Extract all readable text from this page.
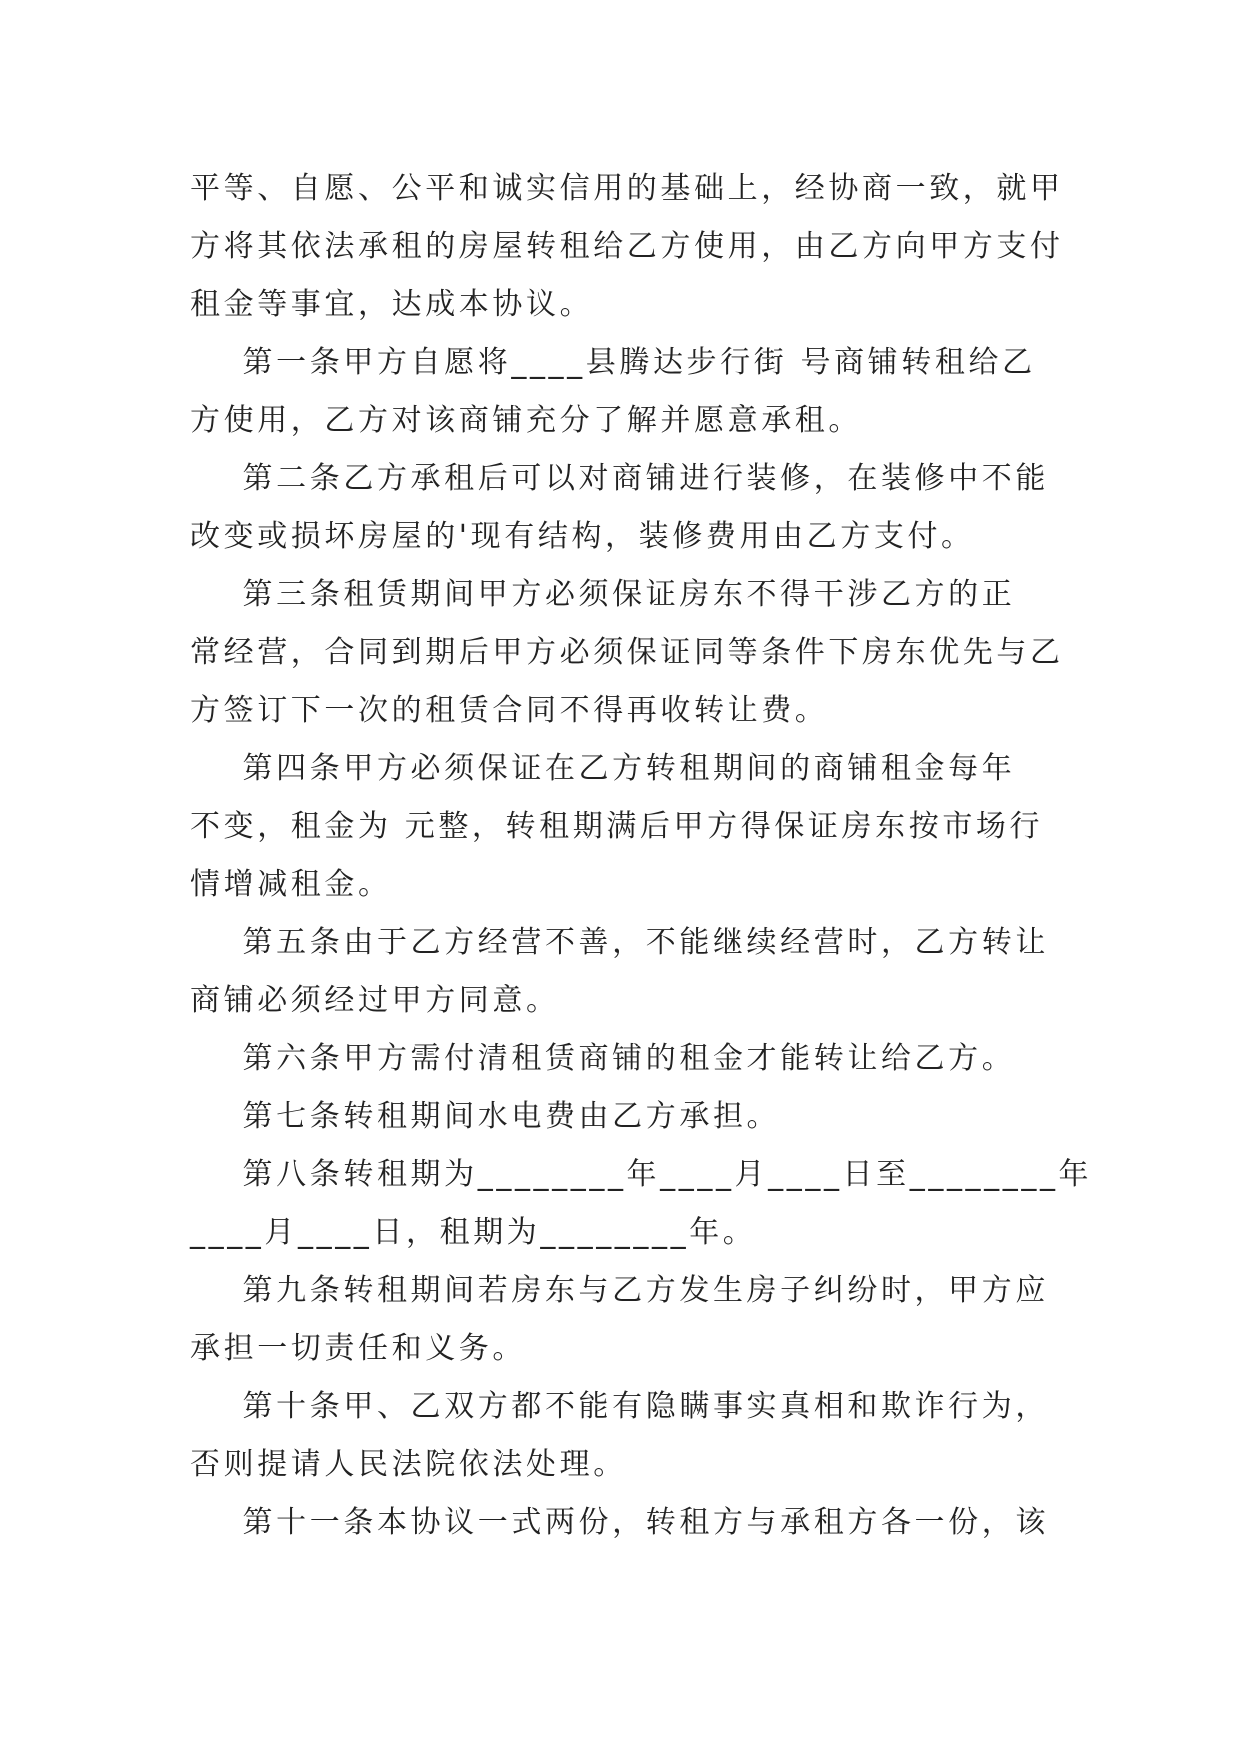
平等、自愿、公平和诚实信用的基础上，经协商一致，就甲
方将其依法承租的房屋转租给乙方使用，由乙方向甲方支付
租金等事宜，达成本协议。
第一条甲方自愿将____县腾达步行街 号商铺转租给乙
方使用，乙方对该商铺充分了解并愿意承租。
第二条乙方承租后可以对商铺进行装修，在装修中不能
改变或损坏房屋的'现有结构，装修费用由乙方支付。
第三条租赁期间甲方必须保证房东不得干涉乙方的正
常经营，合同到期后甲方必须保证同等条件下房东优先与乙
方签订下一次的租赁合同不得再收转让费。
第四条甲方必须保证在乙方转租期间的商铺租金每年
不变，租金为 元整，转租期满后甲方得保证房东按市场行
情增减租金。
第五条由于乙方经营不善，不能继续经营时，乙方转让
商铺必须经过甲方同意。
第六条甲方需付清租赁商铺的租金才能转让给乙方。
第七条转租期间水电费由乙方承担。
第八条转租期为________年____月____日至________年
____月____日，租期为________年。
第九条转租期间若房东与乙方发生房子纠纷时，甲方应
承担一切责任和义务。
第十条甲、乙双方都不能有隐瞒事实真相和欺诈行为，
否则提请人民法院依法处理。
第十一条本协议一式两份，转租方与承租方各一份，该
